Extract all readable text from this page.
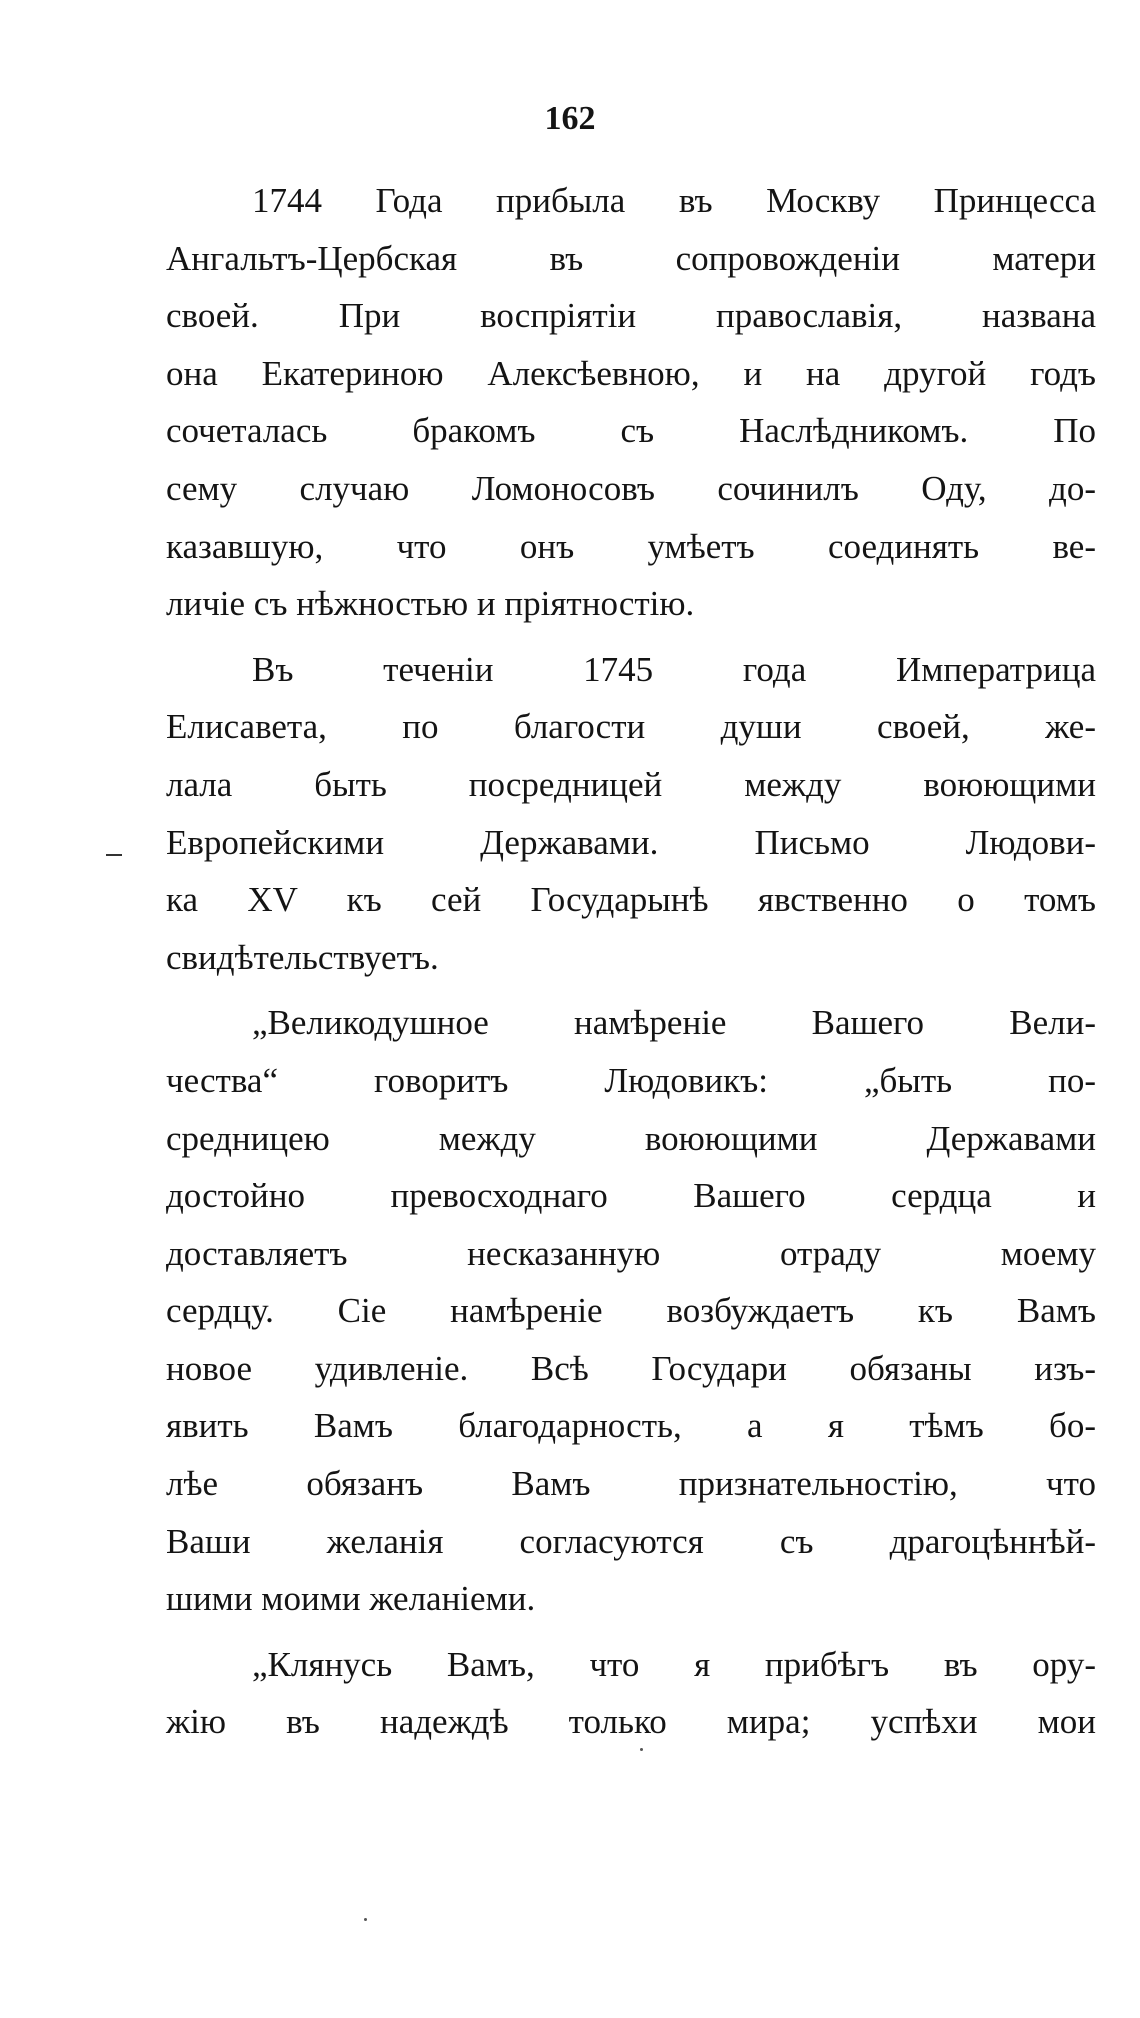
162
1744 Года прибыла въ Москву Принцесса
Ангальтъ-Цербская въ сопровожденіи матери
своей. При воспріятіи православія, названа
она Екатериною Алексѣевною, и на другой годъ
сочеталась бракомъ съ Наслѣдникомъ. По
сему случаю Ломоносовъ сочинилъ Оду, до-
казавшую, что онъ умѣетъ соединять ве-
личіе съ нѣжностью и пріятностію.
Въ теченіи 1745 года Императрица
Елисавета, по благости души своей, же-
лала быть посредницей между воюющими
Европейскими Державами. Письмо Людови-
ка XV къ сей Государынѣ явственно о томъ
свидѣтельствуетъ.
„Великодушное намѣреніе Вашего Вели-
чества“ говоритъ Людовикъ: „быть по-
средницею между воюющими Державами
достойно превосходнаго Вашего сердца и
доставляетъ несказанную отраду моему
сердцу. Сіе намѣреніе возбуждаетъ къ Вамъ
новое удивленіе. Всѣ Государи обязаны изъ-
явить Вамъ благодарность, а я тѣмъ бо-
лѣе обязанъ Вамъ признательностію, что
Ваши желанія согласуются съ драгоцѣннѣй-
шими моими желаніеми.
„Клянусь Вамъ, что я прибѣгъ въ ору-
жію въ надеждѣ только мира; успѣхи мои
